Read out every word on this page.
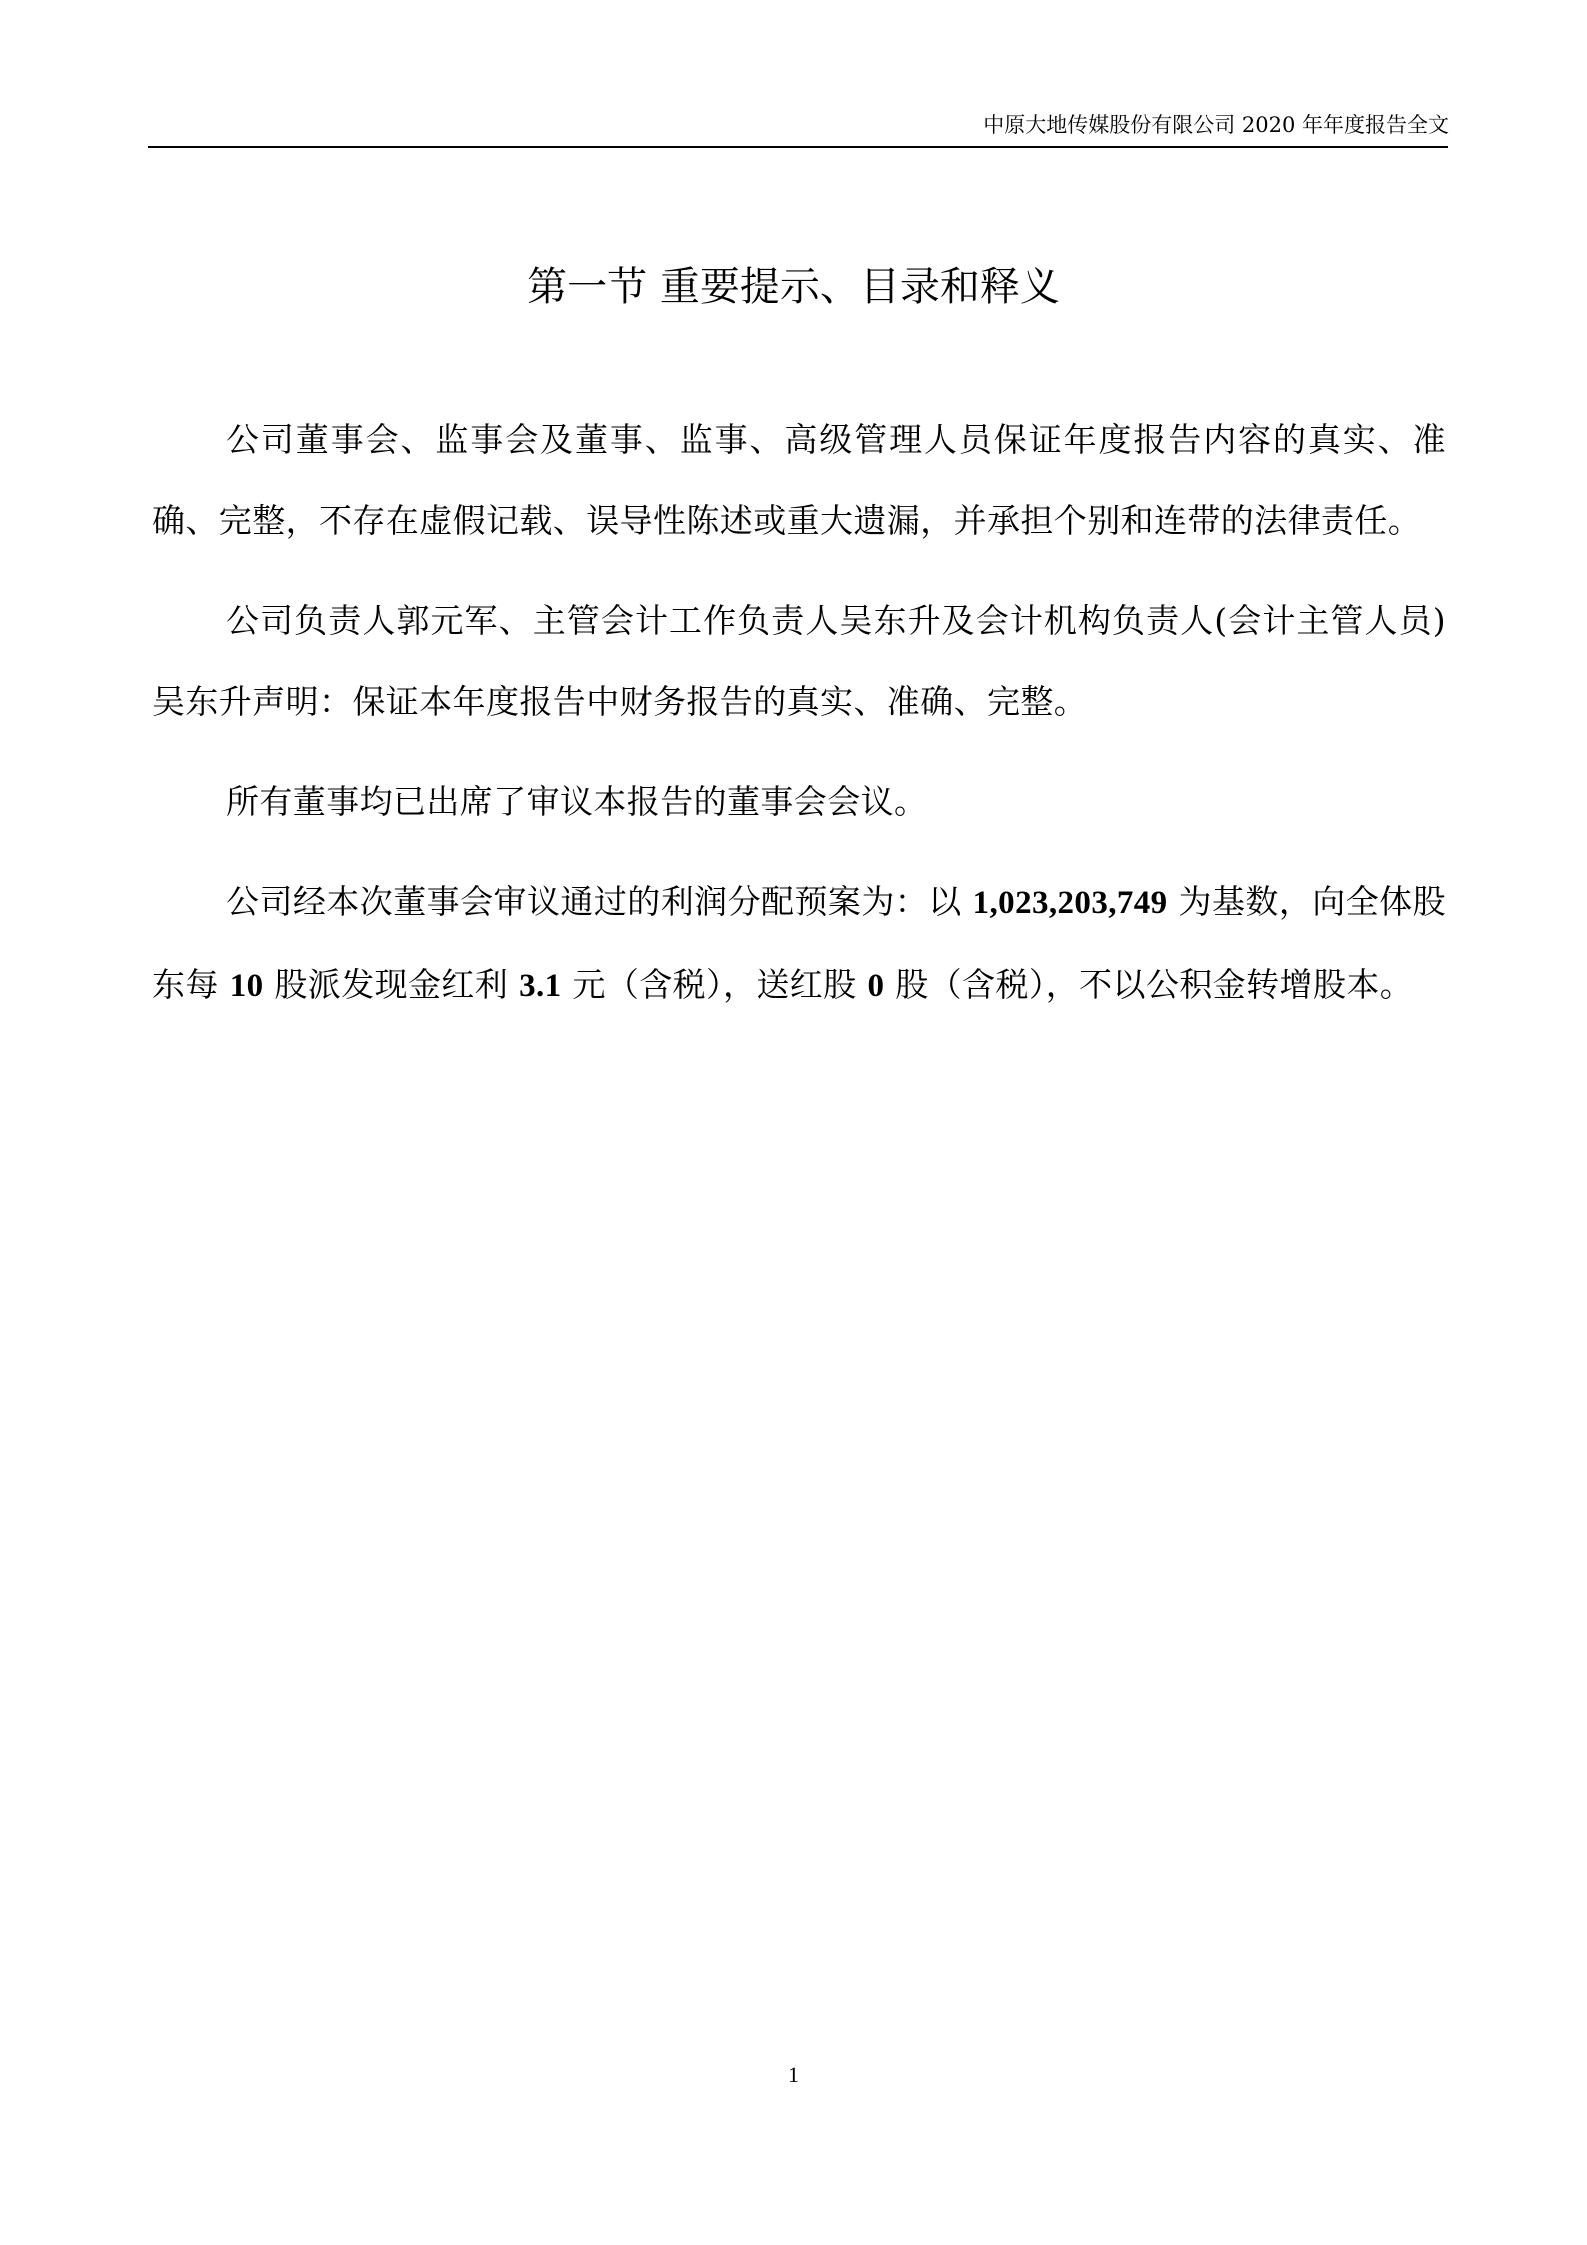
中原大地传媒股份有限公司 2020 年年度报告全文
第一节 重要提示、目录和释义

公司董事会、监事会及董事、监事、高级管理人员保证年度报告内容的真实、准确、完整，不存在虚假记载、误导性陈述或重大遗漏，并承担个别和连带的法律责任。

公司负责人郭元军、主管会计工作负责人吴东升及会计机构负责人(会计主管人员)吴东升声明：保证本年度报告中财务报告的真实、准确、完整。

所有董事均已出席了审议本报告的董事会会议。

公司经本次董事会审议通过的利润分配预案为：以 1,023,203,749 为基数，向全体股东每 10 股派发现金红利 3.1 元（含税），送红股 0 股（含税），不以公积金转增股本。

1
